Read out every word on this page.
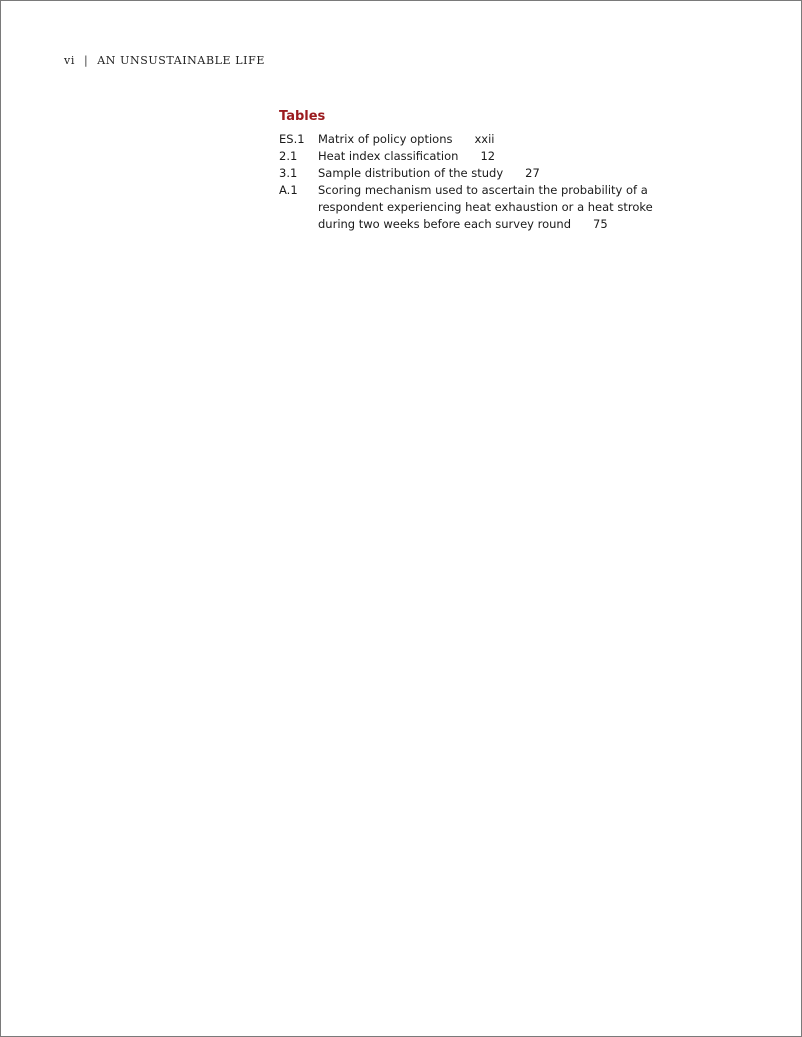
vi | AN UNSUSTAINABLE LIFE
Tables
ES.1	Matrix of policy options xxii
2.1	Heat index classification 12
3.1	Sample distribution of the study 27
A.1	Scoring mechanism used to ascertain the probability of a respondent experiencing heat exhaustion or a heat stroke during two weeks before each survey round 75
